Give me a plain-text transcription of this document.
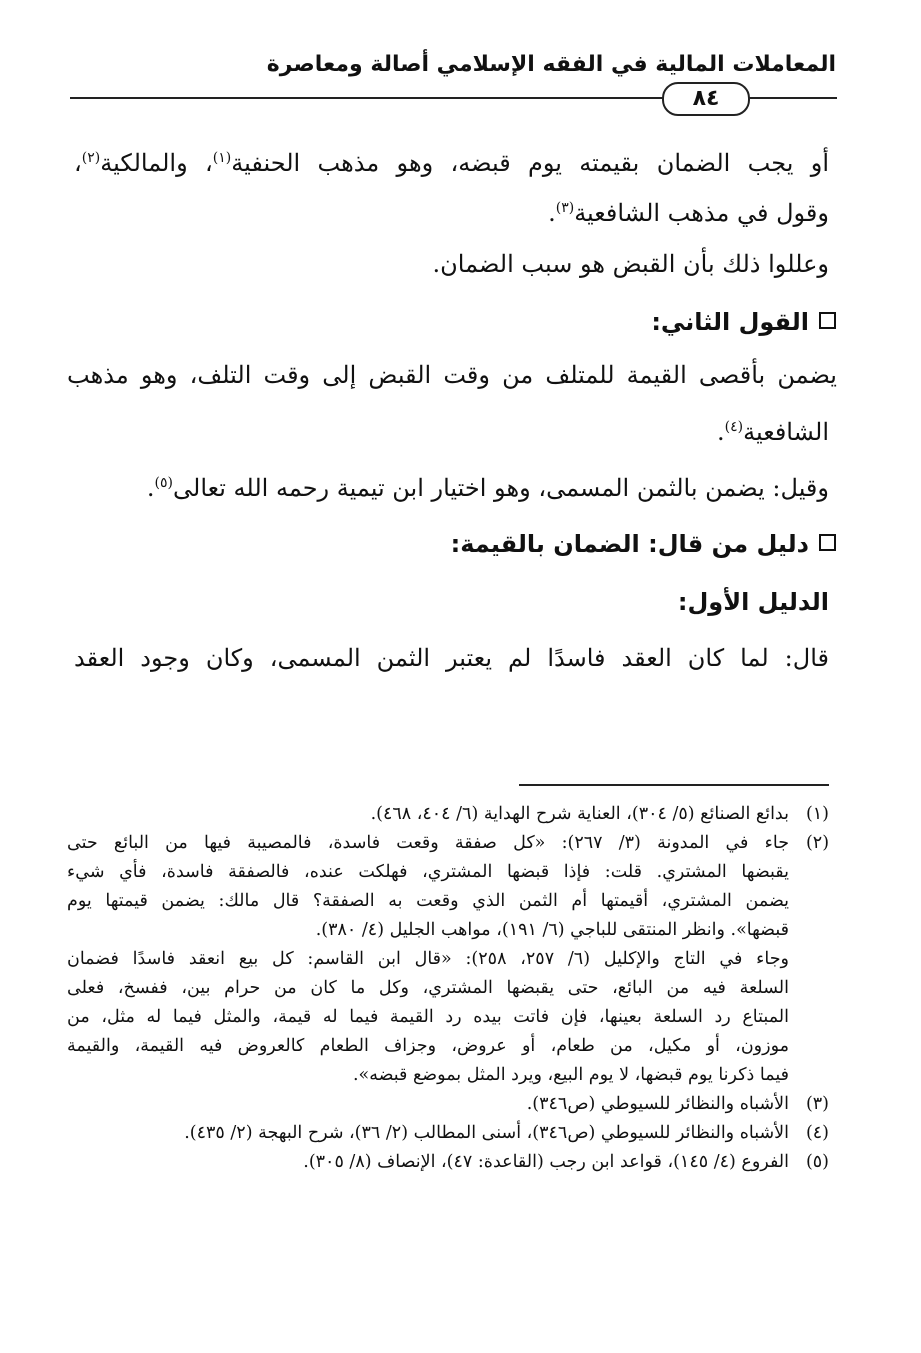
المعاملات المالية في الفقه الإسلامي أصالة ومعاصرة
٨٤
أو يجب الضمان بقيمته يوم قبضه، وهو مذهب الحنفية$^{(١)}$، والمالكية$^{(٢)}$،
وقول في مذهب الشافعية$^{(٣)}$.
وعللوا ذلك بأن القبض هو سبب الضمان.
القول الثاني:
يضمن بأقصى القيمة للمتلف من وقت القبض إلى وقت التلف، وهو مذهب
الشافعية$^{(٤)}$.
وقيل: يضمن بالثمن المسمى، وهو اختيار ابن تيمية رحمه الله تعالى$^{(٥)}$.
دليل من قال: الضمان بالقيمة:
الدليل الأول:
قال: لما كان العقد فاسدًا لم يعتبر الثمن المسمى، وكان وجود العقد
(١)بدائع الصنائع (٥/ ٣٠٤)، العناية شرح الهداية (٦/ ٤٠٤، ٤٦٨).
(٢)جاء في المدونة (٣/ ٢٦٧): «كل صفقة وقعت فاسدة، فالمصيبة فيها من البائع حتى
يقبضها المشتري. قلت: فإذا قبضها المشتري، فهلكت عنده، فالصفقة فاسدة، فأي شيء
يضمن المشتري، أقيمتها أم الثمن الذي وقعت به الصفقة؟ قال مالك: يضمن قيمتها يوم
قبضها». وانظر المنتقى للباجي (٦/ ١٩١)، مواهب الجليل (٤/ ٣٨٠).
وجاء في التاج والإكليل (٦/ ٢٥٧، ٢٥٨): «قال ابن القاسم: كل بيع انعقد فاسدًا فضمان
السلعة فيه من البائع، حتى يقبضها المشتري، وكل ما كان من حرام بين، ففسخ، فعلى
المبتاع رد السلعة بعينها، فإن فاتت بيده رد القيمة فيما له قيمة، والمثل فيما له مثل، من
موزون، أو مكيل، من طعام، أو عروض، وجزاف الطعام كالعروض فيه القيمة، والقيمة
فيما ذكرنا يوم قبضها، لا يوم البيع، ويرد المثل بموضع قبضه».
(٣)الأشباه والنظائر للسيوطي (ص٣٤٦).
(٤)الأشباه والنظائر للسيوطي (ص٣٤٦)، أسنى المطالب (٢/ ٣٦)، شرح البهجة (٢/ ٤٣٥).
(٥)الفروع (٤/ ١٤٥)، قواعد ابن رجب (القاعدة: ٤٧)، الإنصاف (٨/ ٣٠٥).
